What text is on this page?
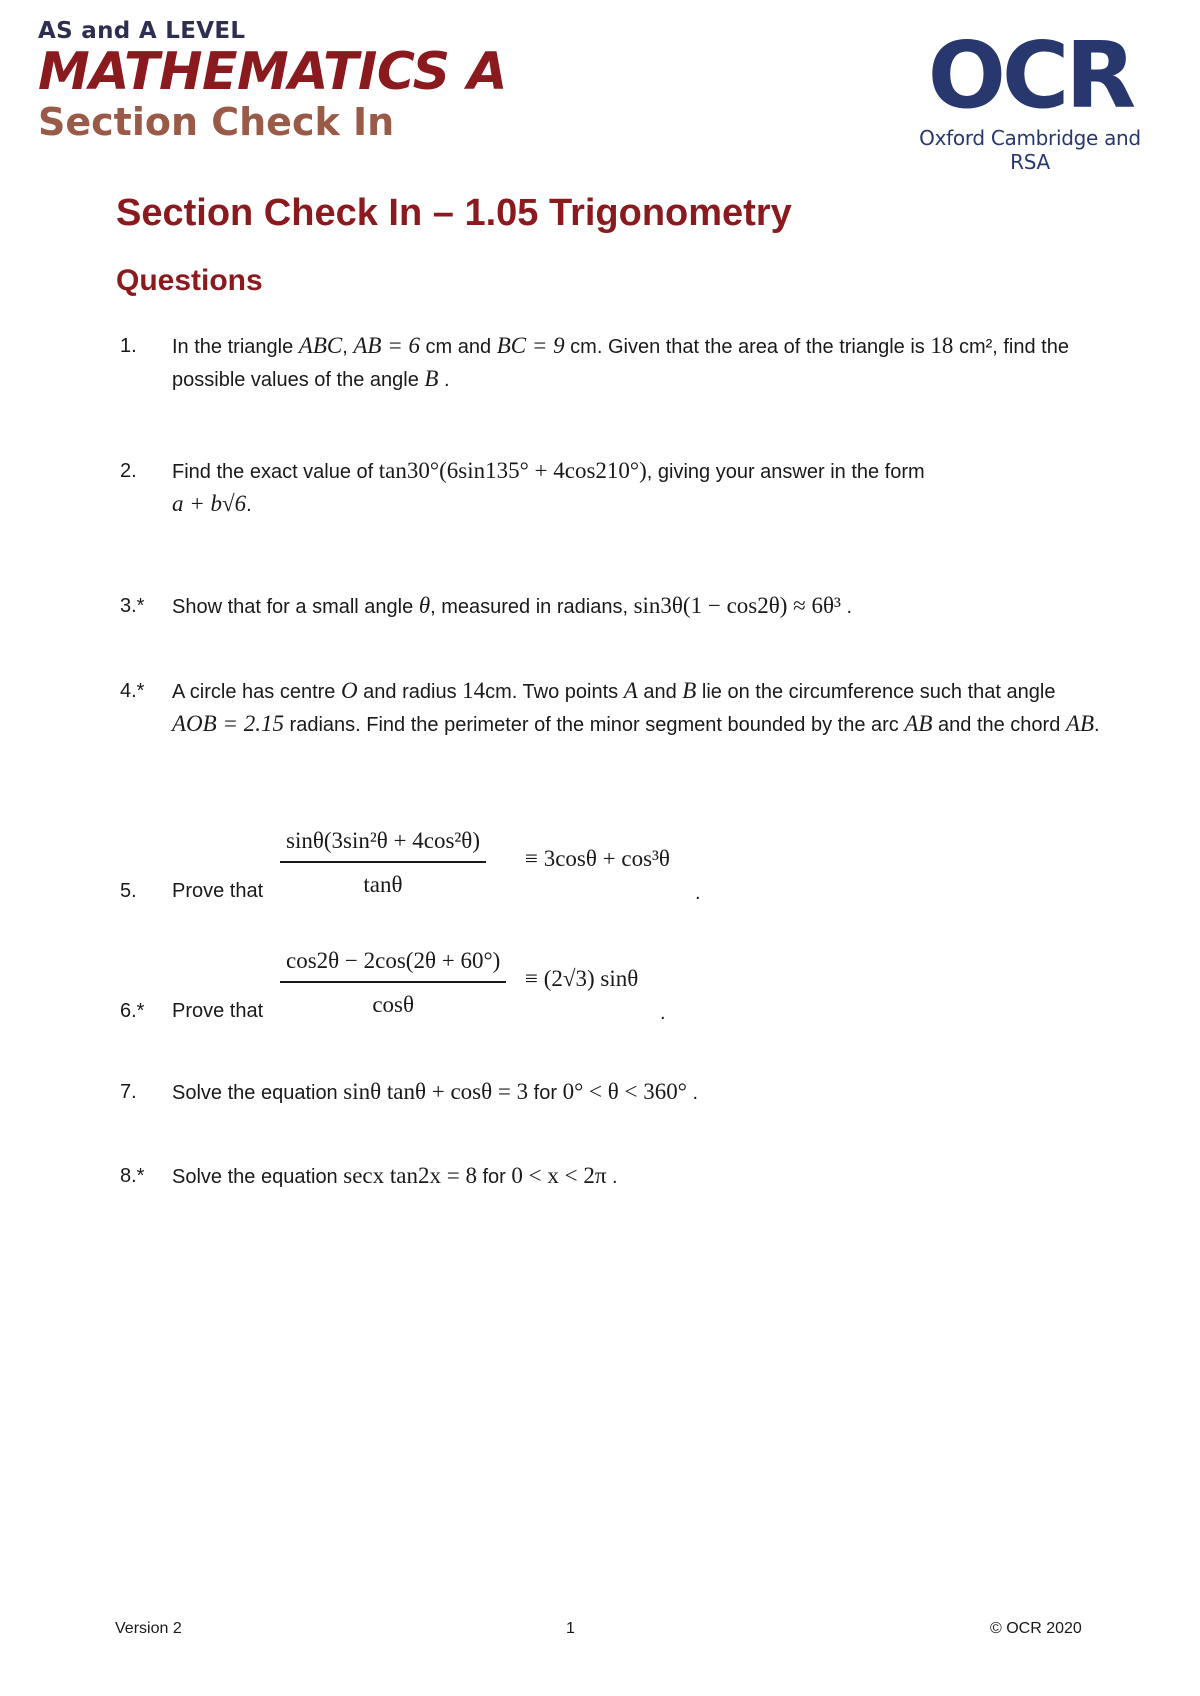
AS and A LEVEL
MATHEMATICS A
Section Check In	OCR
Oxford Cambridge and RSA
Section Check In – 1.05 Trigonometry
Questions
1.	In the triangle ABC, AB = 6 cm and BC = 9 cm. Given that the area of the triangle is 18 cm², find the possible values of the angle B .
2.	Find the exact value of tan30°(6sin135° + 4cos210°), giving your answer in the form
a + b√6.
3.*	Show that for a small angle θ, measured in radians, sin3θ(1 − cos2θ) ≈ 6θ³ .
4.*	A circle has centre O and radius 14cm. Two points A and B lie on the circumference such that angle AOB = 2.15 radians. Find the perimeter of the minor segment bounded by the arc AB and the chord AB.
5.	Prove that $\frac{\text{sinθ(3sin²θ + 4cos²θ)}}{\tan\theta} \equiv 3\cos\theta + \cos^3\theta$
.
6.*	Prove that $\frac{\cos 2\theta - 2\cos(2\theta + 60^\circ)}{\cos\theta} \equiv (2√3)$ sinθ
.
7.	Solve the equation sinθ tanθ + cosθ = 3 for 0° < θ < 360° .
8.*	Solve the equation secx tan2x = 8 for 0 < x < 2π .
Version 2	1	© OCR 2020
